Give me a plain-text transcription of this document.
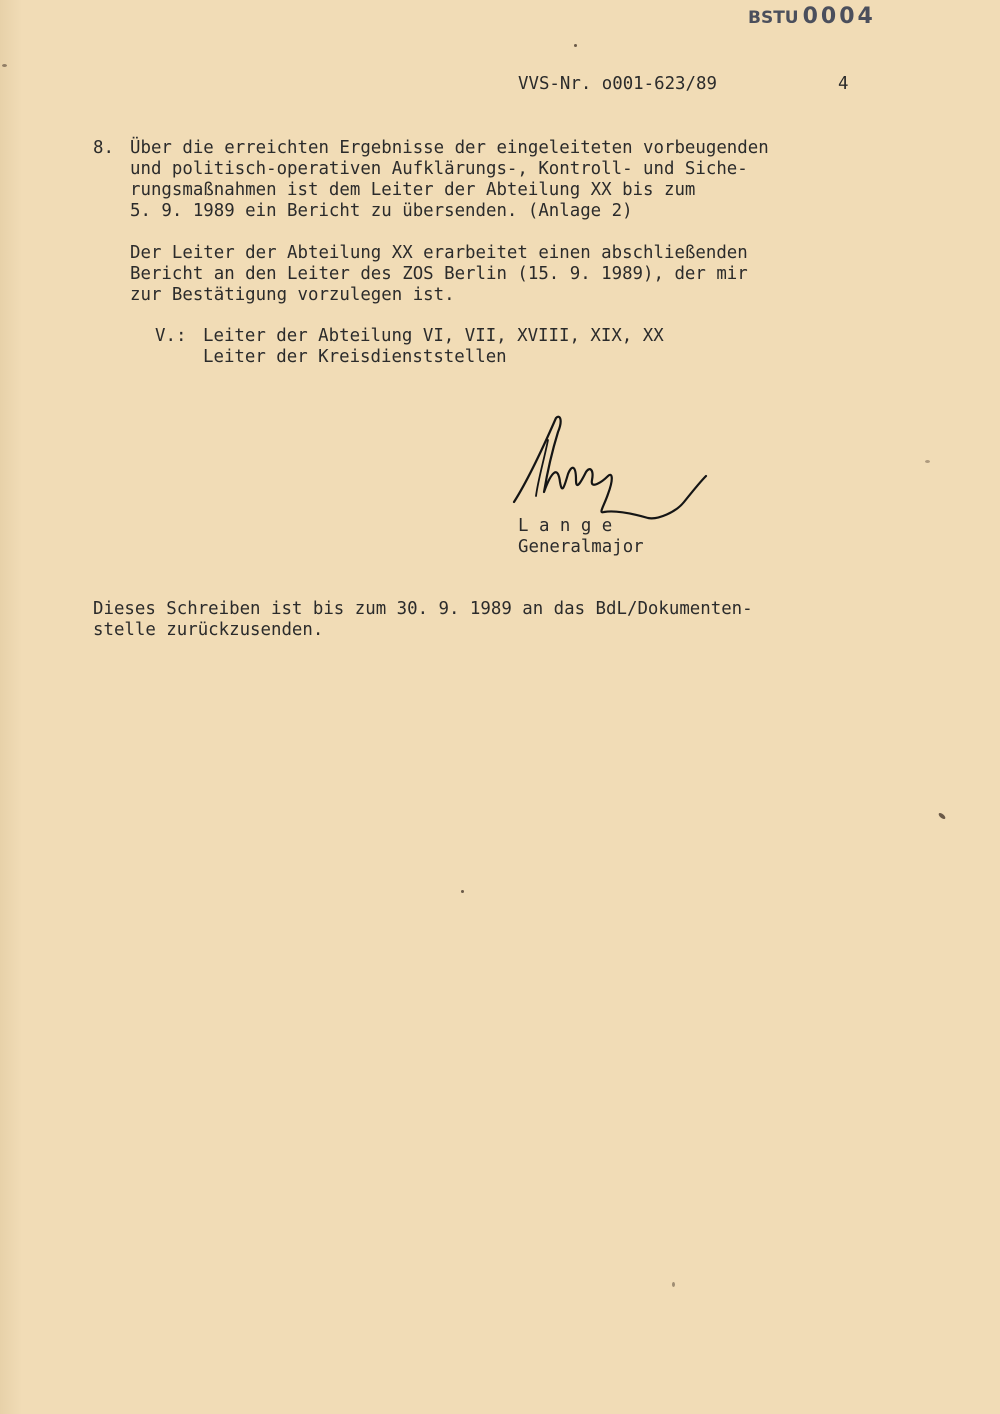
BSTU 0004
VVS-Nr. o001-623/89	4
8. Über die erreichten Ergebnisse der eingeleiteten vorbeugenden
und politisch-operativen Aufklärungs-, Kontroll- und Siche-
rungsmaßnahmen ist dem Leiter der Abteilung XX bis zum
5. 9. 1989 ein Bericht zu übersenden. (Anlage 2)
Der Leiter der Abteilung XX erarbeitet einen abschließenden
Bericht an den Leiter des ZOS Berlin (15. 9. 1989), der mir
zur Bestätigung vorzulegen ist.
V.: Leiter der Abteilung VI, VII, XVIII, XIX, XX
Leiter der Kreisdienststellen
L a n g e
Generalmajor
Dieses Schreiben ist bis zum 30. 9. 1989 an das BdL/Dokumenten-
stelle zurückzusenden.
